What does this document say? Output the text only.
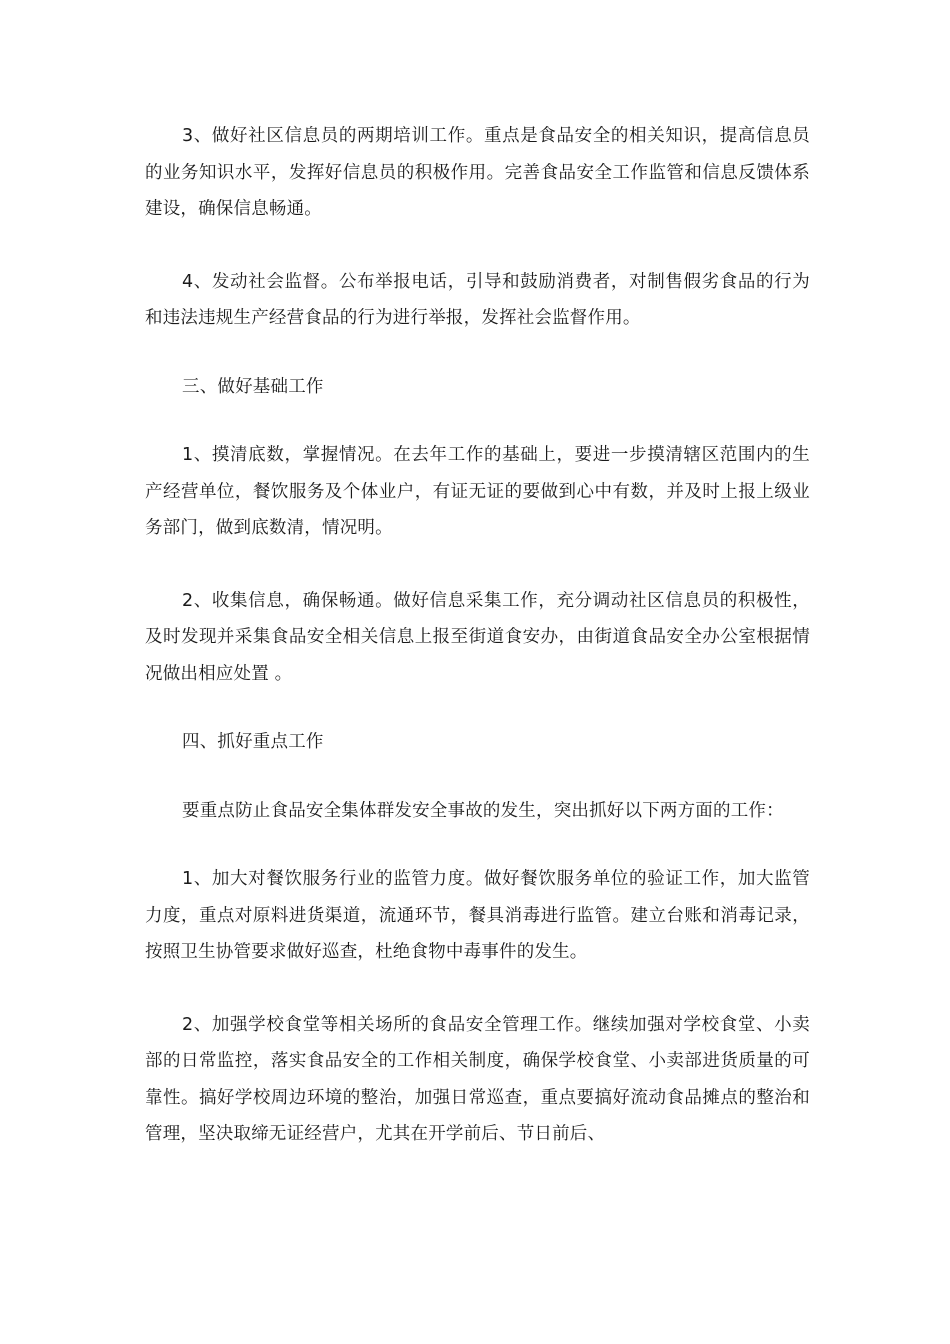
3、做好社区信息员的两期培训工作。重点是食品安全的相关知识，提高信息员的业务知识水平，发挥好信息员的积极作用。完善食品安全工作监管和信息反馈体系建设，确保信息畅通。

4、发动社会监督。公布举报电话，引导和鼓励消费者，对制售假劣食品的行为和违法违规生产经营食品的行为进行举报，发挥社会监督作用。

三、做好基础工作

1、摸清底数，掌握情况。在去年工作的基础上，要进一步摸清辖区范围内的生产经营单位，餐饮服务及个体业户，有证无证的要做到心中有数，并及时上报上级业务部门，做到底数清，情况明。

2、收集信息，确保畅通。做好信息采集工作，充分调动社区信息员的积极性，及时发现并采集食品安全相关信息上报至街道食安办，由街道食品安全办公室根据情况做出相应处置 。

四、抓好重点工作

要重点防止食品安全集体群发安全事故的发生，突出抓好以下两方面的工作：

1、加大对餐饮服务行业的监管力度。做好餐饮服务单位的验证工作，加大监管力度，重点对原料进货渠道，流通环节，餐具消毒进行监管。建立台账和消毒记录，按照卫生协管要求做好巡查，杜绝食物中毒事件的发生。

2、加强学校食堂等相关场所的食品安全管理工作。继续加强对学校食堂、小卖部的日常监控，落实食品安全的工作相关制度，确保学校食堂、小卖部进货质量的可靠性。搞好学校周边环境的整治，加强日常巡查，重点要搞好流动食品摊点的整治和管理，坚决取缔无证经营户，尤其在开学前后、节日前后、
